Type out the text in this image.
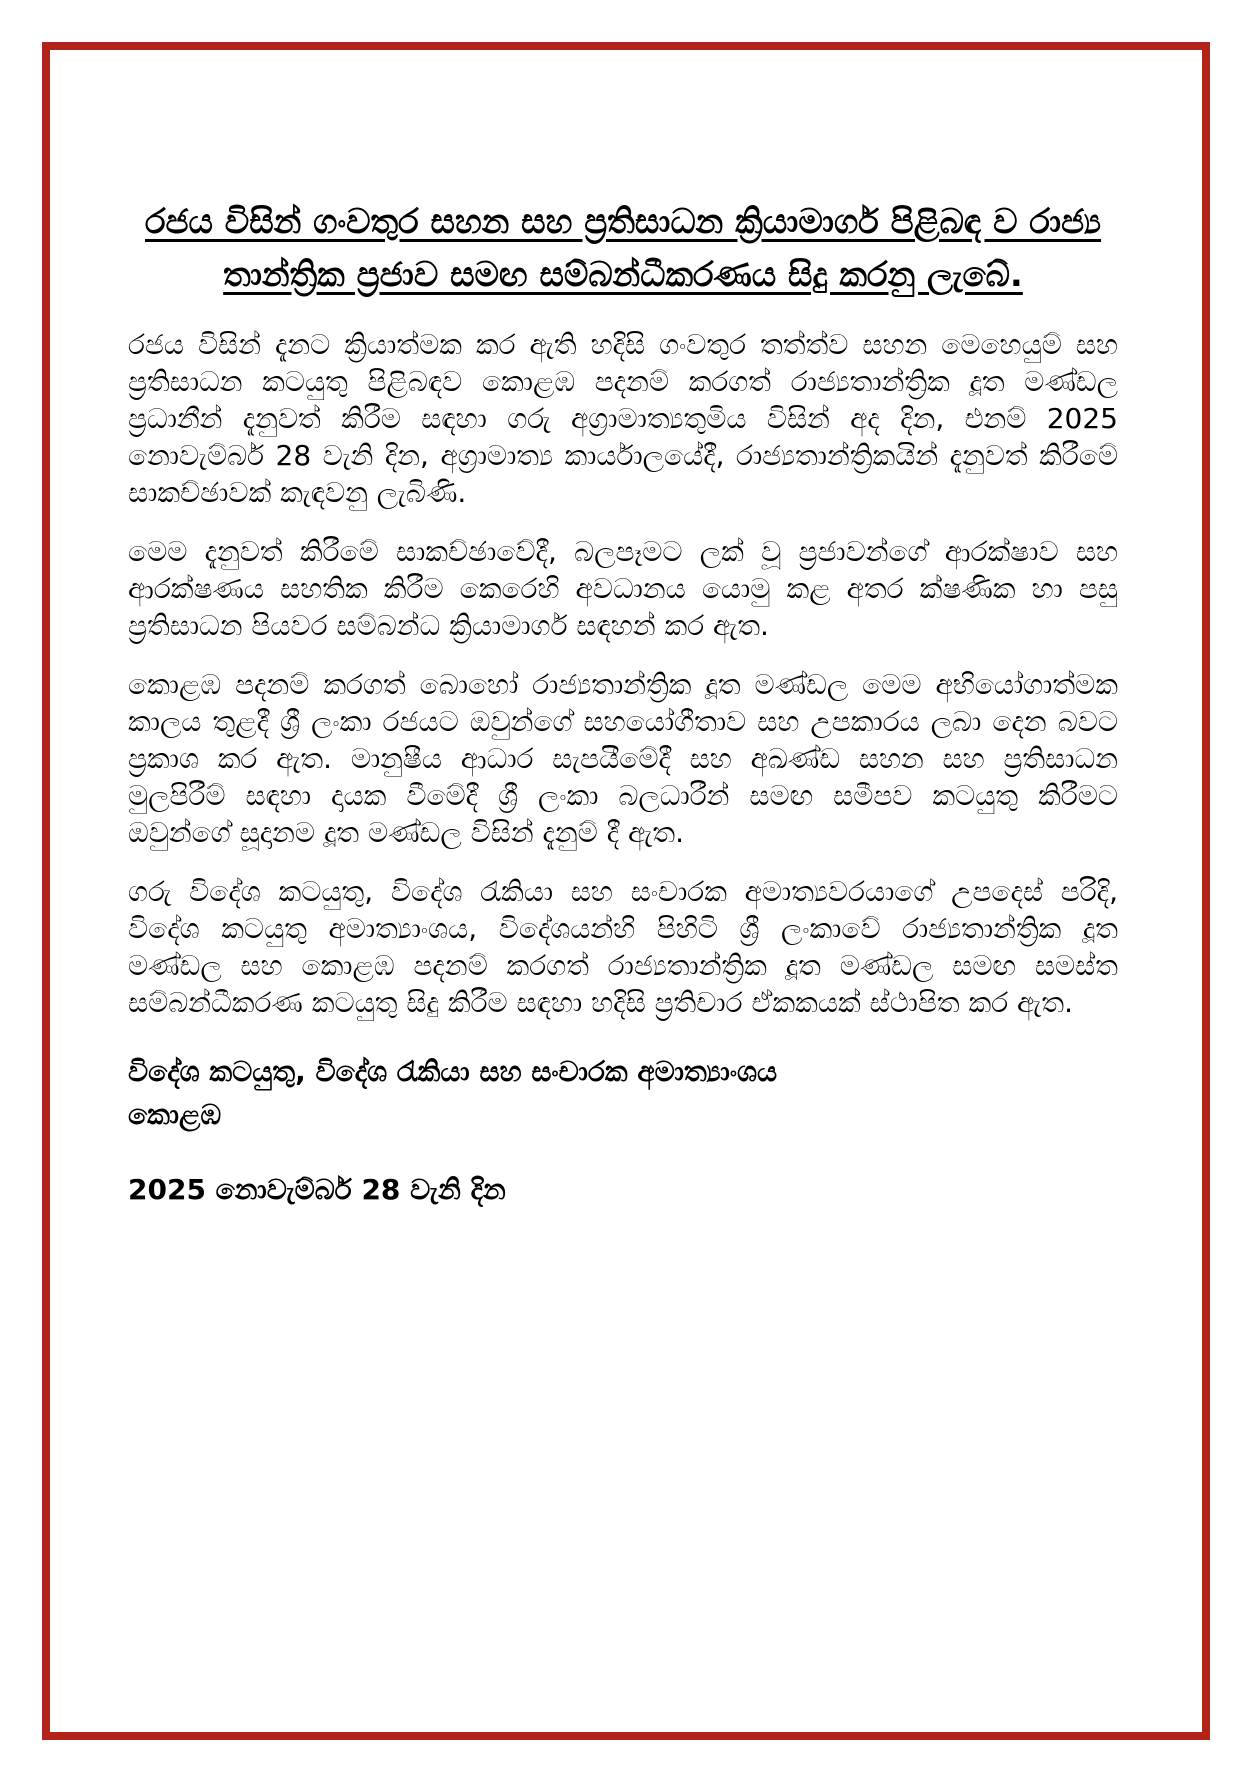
රජය විසින් ගංවතුර සහන සහ ප්‍රතිසාධන ක්‍රියාමාර්ග පිළිබඳ ව රාජ්‍ය තාන්ත්‍රික ප්‍රජාව සමඟ සම්බන්ධීකරණය සිදු කරනු ලැබේ.

රජය විසින් දැනට ක්‍රියාත්මක කර ඇති හදිසි ගංවතුර තත්ත්ව සහන මෙහෙයුම් සහ ප්‍රතිසාධන කටයුතු පිළිබඳව කොළඹ පදනම් කරගත් රාජ්‍යතාන්ත්‍රික දූත මණ්ඩල ප්‍රධානීන් දැනුවත් කිරීම සඳහා ගරු අග්‍රාමාත්‍යතුමිය විසින් අද දින, එනම් 2025 නොවැම්බර් 28 වැනි දින, අග්‍රාමාත්‍ය කාර්යාලයේදී, රාජ්‍යතාන්ත්‍රිකයින් දැනුවත් කිරීමේ සාකච්ඡාවක් කැඳවනු ලැබිණි.

මෙම දැනුවත් කිරීමේ සාකච්ඡාවේදී, බලපෑමට ලක් වූ ප්‍රජාවන්ගේ ආරක්ෂාව සහ ආරක්ෂණය සහතික කිරීම කෙරෙහි අවධානය යොමු කළ අතර ක්ෂණික හා පසු ප්‍රතිසාධන පියවර සම්බන්ධ ක්‍රියාමාර්ග සඳහන් කර ඇත.

කොළඹ පදනම් කරගත් බොහෝ රාජ්‍යතාන්ත්‍රික දූත මණ්ඩල මෙම අභියෝගාත්මක කාලය තුළදී ශ්‍රී ලංකා රජයට ඔවුන්ගේ සහයෝගීතාව සහ උපකාරය ලබා දෙන බවට ප්‍රකාශ කර ඇත. මානුෂීය ආධාර සැපයීමේදී සහ අඛණ්ඩ සහන සහ ප්‍රතිසාධන මුලපිරීම් සඳහා දායක වීමේදී ශ්‍රී ලංකා බලධාරීන් සමඟ සමීපව කටයුතු කිරීමට ඔවුන්ගේ සූදානම දූත මණ්ඩල විසින් දැනුම් දී ඇත.

ගරු විදේශ කටයුතු, විදේශ රැකියා සහ සංචාරක අමාත්‍යවරයාගේ උපදෙස් පරිදි, විදේශ කටයුතු අමාත්‍යාංශය, විදේශයන්හි පිහිටි ශ්‍රී ලංකාවේ රාජ්‍යතාන්ත්‍රික දූත මණ්ඩල සහ කොළඹ පදනම් කරගත් රාජ්‍යතාන්ත්‍රික දූත මණ්ඩල සමඟ සමස්ත සම්බන්ධීකරණ කටයුතු සිදු කිරීම සඳහා හදිසි ප්‍රතිචාර ඒකකයක් ස්ථාපිත කර ඇත.

විදේශ කටයුතු, විදේශ රැකියා සහ සංචාරක අමාත්‍යාංශය
කොළඹ
2025 නොවැම්බර් 28 වැනි දින
